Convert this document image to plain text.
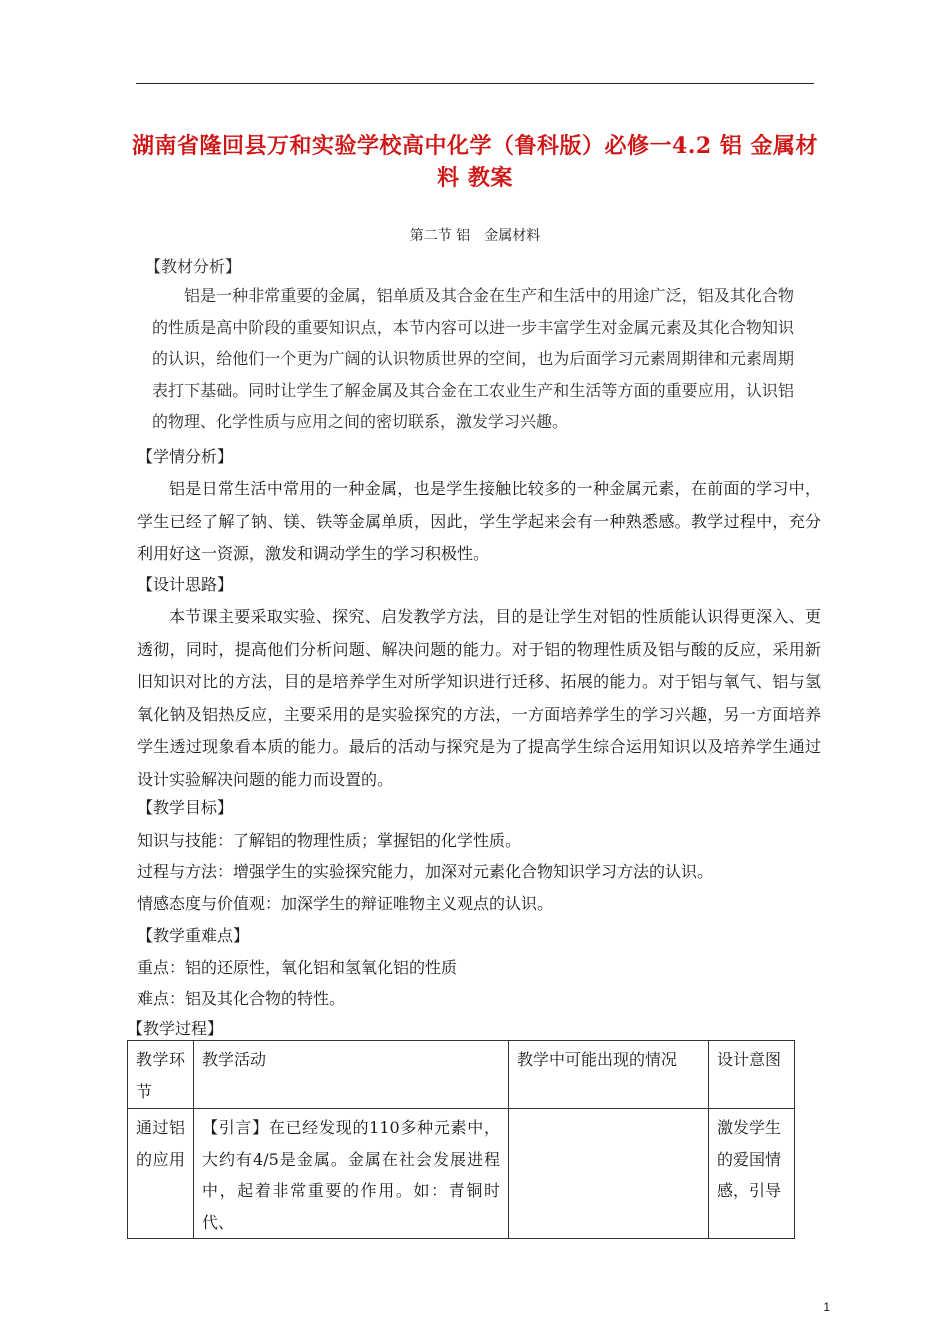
湖南省隆回县万和实验学校高中化学（鲁科版）必修一4.2 铝 金属材料 教案
第二节 铝　金属材料
【教材分析】
铝是一种非常重要的金属，铝单质及其合金在生产和生活中的用途广泛，铝及其化合物的性质是高中阶段的重要知识点，本节内容可以进一步丰富学生对金属元素及其化合物知识的认识，给他们一个更为广阔的认识物质世界的空间，也为后面学习元素周期律和元素周期表打下基础。同时让学生了解金属及其合金在工农业生产和生活等方面的重要应用，认识铝的物理、化学性质与应用之间的密切联系，激发学习兴趣。
【学情分析】
铝是日常生活中常用的一种金属，也是学生接触比较多的一种金属元素，在前面的学习中，学生已经了解了钠、镁、铁等金属单质，因此，学生学起来会有一种熟悉感。教学过程中，充分利用好这一资源，激发和调动学生的学习积极性。
【设计思路】
本节课主要采取实验、探究、启发教学方法，目的是让学生对铝的性质能认识得更深入、更透彻，同时，提高他们分析问题、解决问题的能力。对于铝的物理性质及铝与酸的反应，采用新旧知识对比的方法，目的是培养学生对所学知识进行迁移、拓展的能力。对于铝与氧气、铝与氢氧化钠及铝热反应，主要采用的是实验探究的方法，一方面培养学生的学习兴趣，另一方面培养学生透过现象看本质的能力。最后的活动与探究是为了提高学生综合运用知识以及培养学生通过设计实验解决问题的能力而设置的。
【教学目标】
知识与技能：了解铝的物理性质；掌握铝的化学性质。
过程与方法：增强学生的实验探究能力，加深对元素化合物知识学习方法的认识。
情感态度与价值观：加深学生的辩证唯物主义观点的认识。
【教学重难点】
重点：铝的还原性，氧化铝和氢氧化铝的性质
难点：铝及其化合物的特性。
【教学过程】
教学环节	教学活动	教学中可能出现的情况	设计意图
通过铝的应用	【引言】在已经发现的110多种元素中，大约有4/5是金属。金属在社会发展进程中，起着非常重要的作用。如：青铜时代、		激发学生的爱国情感，引导
1
